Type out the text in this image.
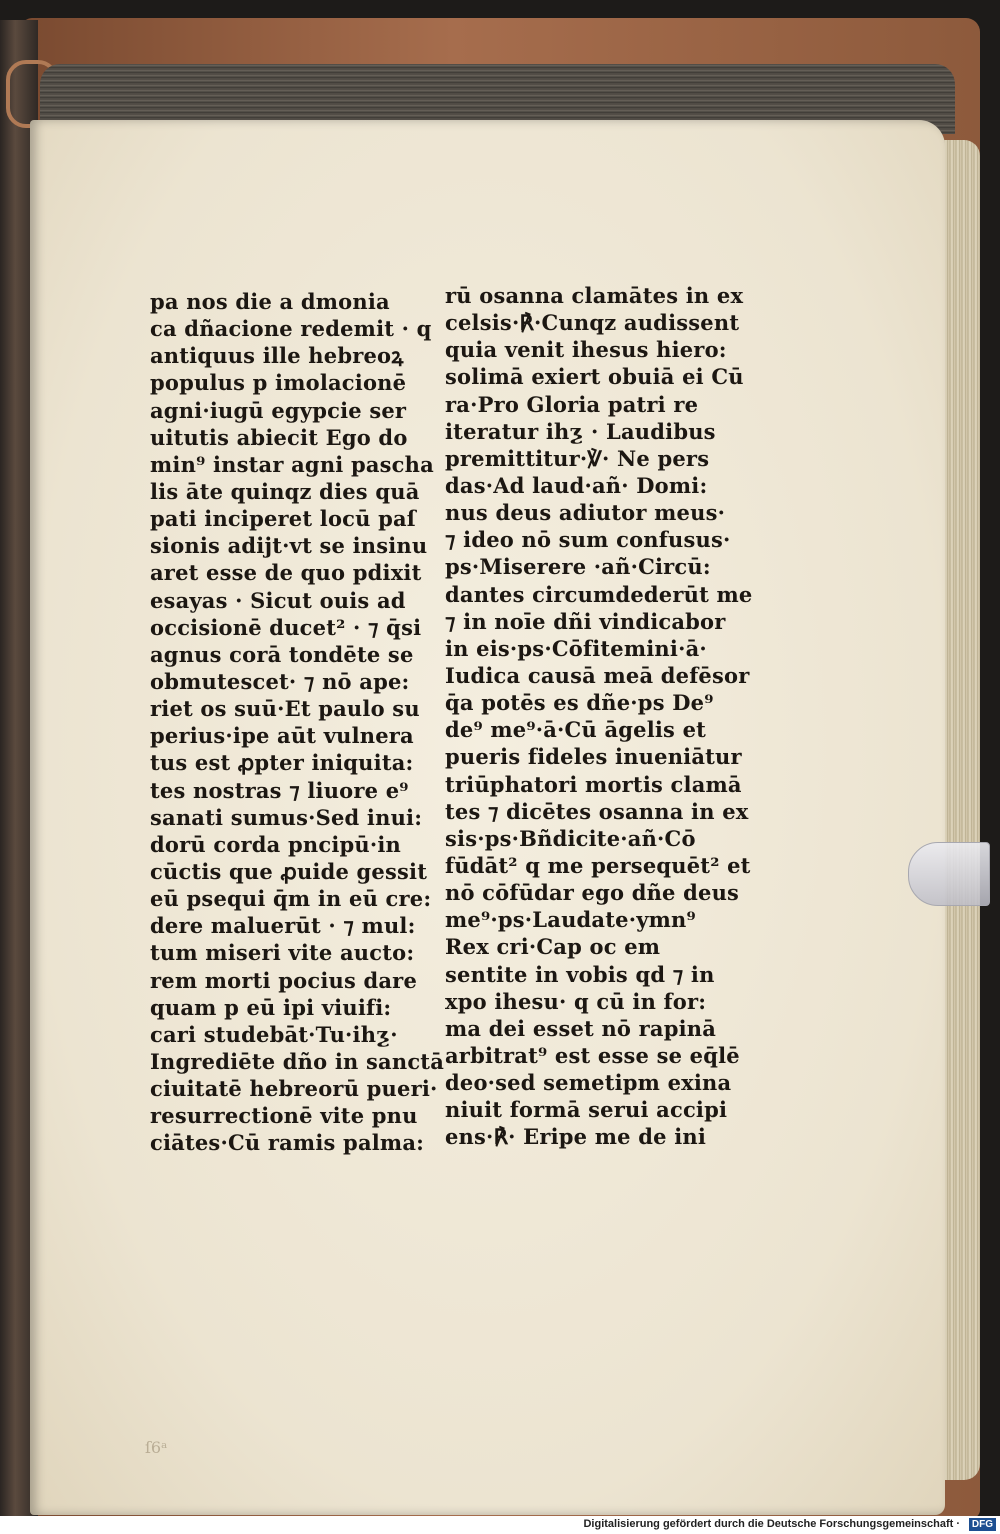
pa nos die a dmonia
ca dñacione redemit · q
antiquus ille hebreoꝝ
populus p imolacionē
agni·iugū egypcie ser
uitutis abiecit Ego do
min⁹ instar agni pascha
lis āte quinqz dies quā
pati inciperet locū paſ
sionis adijt·vt se insinu
aret esse de quo pdixit
esayas · Sicut ouis ad
occisionē ducet² · ⁊ q̄si
agnus corā tondēte se
obmutescet· ⁊ nō ape:
riet os suū·Et paulo su
perius·ipe aūt vulnera
tus est ꝓpter iniquita:
tes nostras ⁊ liuore e⁹
sanati sumus·Sed inui:
dorū corda pncipū·in
cūctis que ꝓuide gessit
eū psequi q̄m in eū cre:
dere maluerūt · ⁊ mul:
tum miseri vite aucto:
rem morti pocius dare
quam p eū ipi viuifi:
cari studebāt·Tu·ihƺ·
Ingrediēte dño in sanctā
ciuitatē hebreorū pueri·
resurrectionē vite pnu
ciātes·Cū ramis palma:
rū osanna clamātes in ex
celsis·℟·Cunqz audissent
quia venit ihesus hiero:
solimā exiert obuiā ei Cū
ra·Pro Gloria patri re
iteratur ihƺ · Laudibus
premittitur·℣· Ne pers
das·Ad laud·añ· Domi:
nus deus adiutor meus·
⁊ ideo nō sum confusus·
ps·Miserere ·añ·Circū:
dantes circumdederūt me
⁊ in noīe dñi vindicabor
in eis·ps·Cōfitemini·ā·
Iudica causā meā defēsor
q̄a potēs es dñe·ps De⁹
de⁹ me⁹·ā·Cū āgelis et
pueris fideles inueniātur
triūphatori mortis clamā
tes ⁊ dicētes osanna in ex
sis·ps·Bñdicite·añ·Cō
fūdāt² q me persequēt² et
nō cōfūdar ego dñe deus
me⁹·ps·Laudate·ymn⁹
Rex cri·Cap oc em
sentite in vobis qd ⁊ in
xpo ihesu· q cū in for:
ma dei esset nō rapinā
arbitrat⁹ est esse se eq̄lē
deo·sed semetipm exina
niuit formā serui accipi
ens·℟· Eripe me de ini
ſ6ᵃ
Digitalisierung gefördert durch die Deutsche Forschungsgemeinschaft ·	DFG
